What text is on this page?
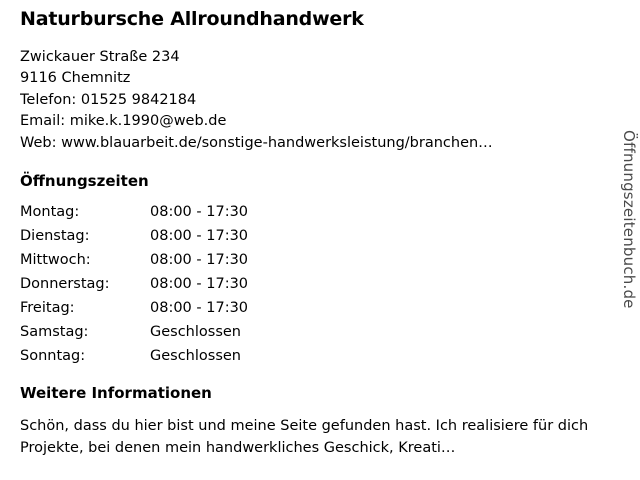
Naturbursche Allroundhandwerk
Zwickauer Straße 234
9116 Chemnitz
Telefon: 01525 9842184
Email: mike.k.1990@web.de
Web: www.blauarbeit.de/sonstige-handwerksleistung/branchen…
Öffnungszeiten
Montag:	08:00 - 17:30
Dienstag:	08:00 - 17:30
Mittwoch:	08:00 - 17:30
Donnerstag:	08:00 - 17:30
Freitag:	08:00 - 17:30
Samstag:	Geschlossen
Sonntag:	Geschlossen
Weitere Informationen
Schön, dass du hier bist und meine Seite gefunden hast. Ich realisiere für dich Projekte, bei denen mein handwerkliches Geschick, Kreati…
Öffnungszeitenbuch.de
